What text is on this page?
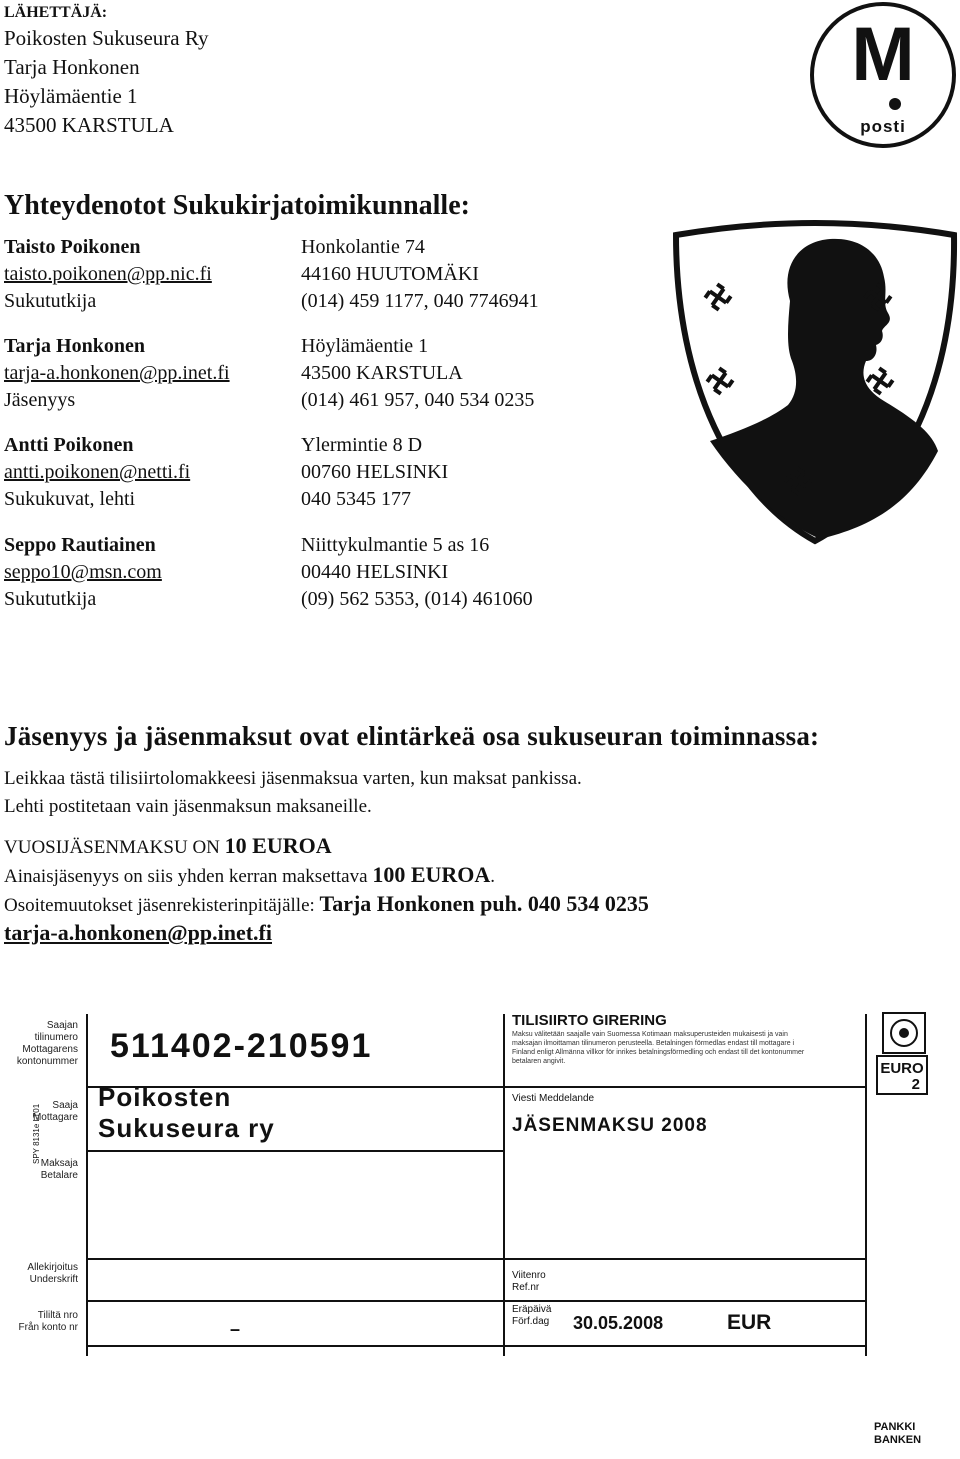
LÄHETTÄJÄ:
Poikosten Sukuseura Ry
Tarja Honkonen
Höylämäentie 1
43500 KARSTULA
M
posti
Yhteydenotot Sukukirjatoimikunnalle:
Taisto Poikonen	Honkolantie 74
taisto.poikonen@pp.nic.fi	44160 HUUTOMÄKI
Sukututkija	(014) 459 1177, 040 7746941
Tarja Honkonen	Höylämäentie 1
tarja-a.honkonen@pp.inet.fi	43500 KARSTULA
Jäsenyys	(014) 461 957, 040 534 0235
Antti Poikonen	Ylermintie 8 D
antti.poikonen@netti.fi	00760 HELSINKI
Sukukuvat, lehti	040 5345 177
Seppo Rautiainen	Niittykulmantie 5 as 16
seppo10@msn.com	00440 HELSINKI
Sukututkija	(09) 562 5353, (014) 461060
Jäsenyys ja jäsenmaksut ovat elintärkeä osa sukuseuran toiminnassa:
Leikkaa tästä tilisiirtolomakkeesi jäsenmaksua varten, kun maksat pankissa.
Lehti postitetaan vain jäsenmaksun maksaneille.
VUOSIJÄSENMAKSU ON 10 EUROA
Ainaisjäsenyys on siis yhden kerran maksettava 100 EUROA.
Osoitemuutokset jäsenrekisterinpitäjälle: Tarja Honkonen puh. 040 534 0235
tarja-a.honkonen@pp.inet.fi
SPY 8131e LT01
Saajan
tilinumero
Mottagarens
kontonummer
Saaja
Mottagare
Maksaja
Betalare
Allekirjoitus
Underskrift
Tililtä nro
Från konto nr
511402-210591
Poikosten
Sukuseura ry
TILISIIRTO GIRERING
Maksu välitetään saajalle vain Suomessa Kotimaan maksuperusteiden mukaisesti ja vain maksajan ilmoittaman tilinumeron perusteella. Betalningen förmedlas endast till mottagare i Finland enligt Allmänna villkor för inrikes betalningsförmedling och endast till det kontonummer betalaren angivit.
Viesti Meddelande
JÄSENMAKSU 2008
Viitenro
Ref.nr
Eräpäivä
Förf.dag 30.05.2008	EUR
–
EURO
2
PANKKI
BANKEN
